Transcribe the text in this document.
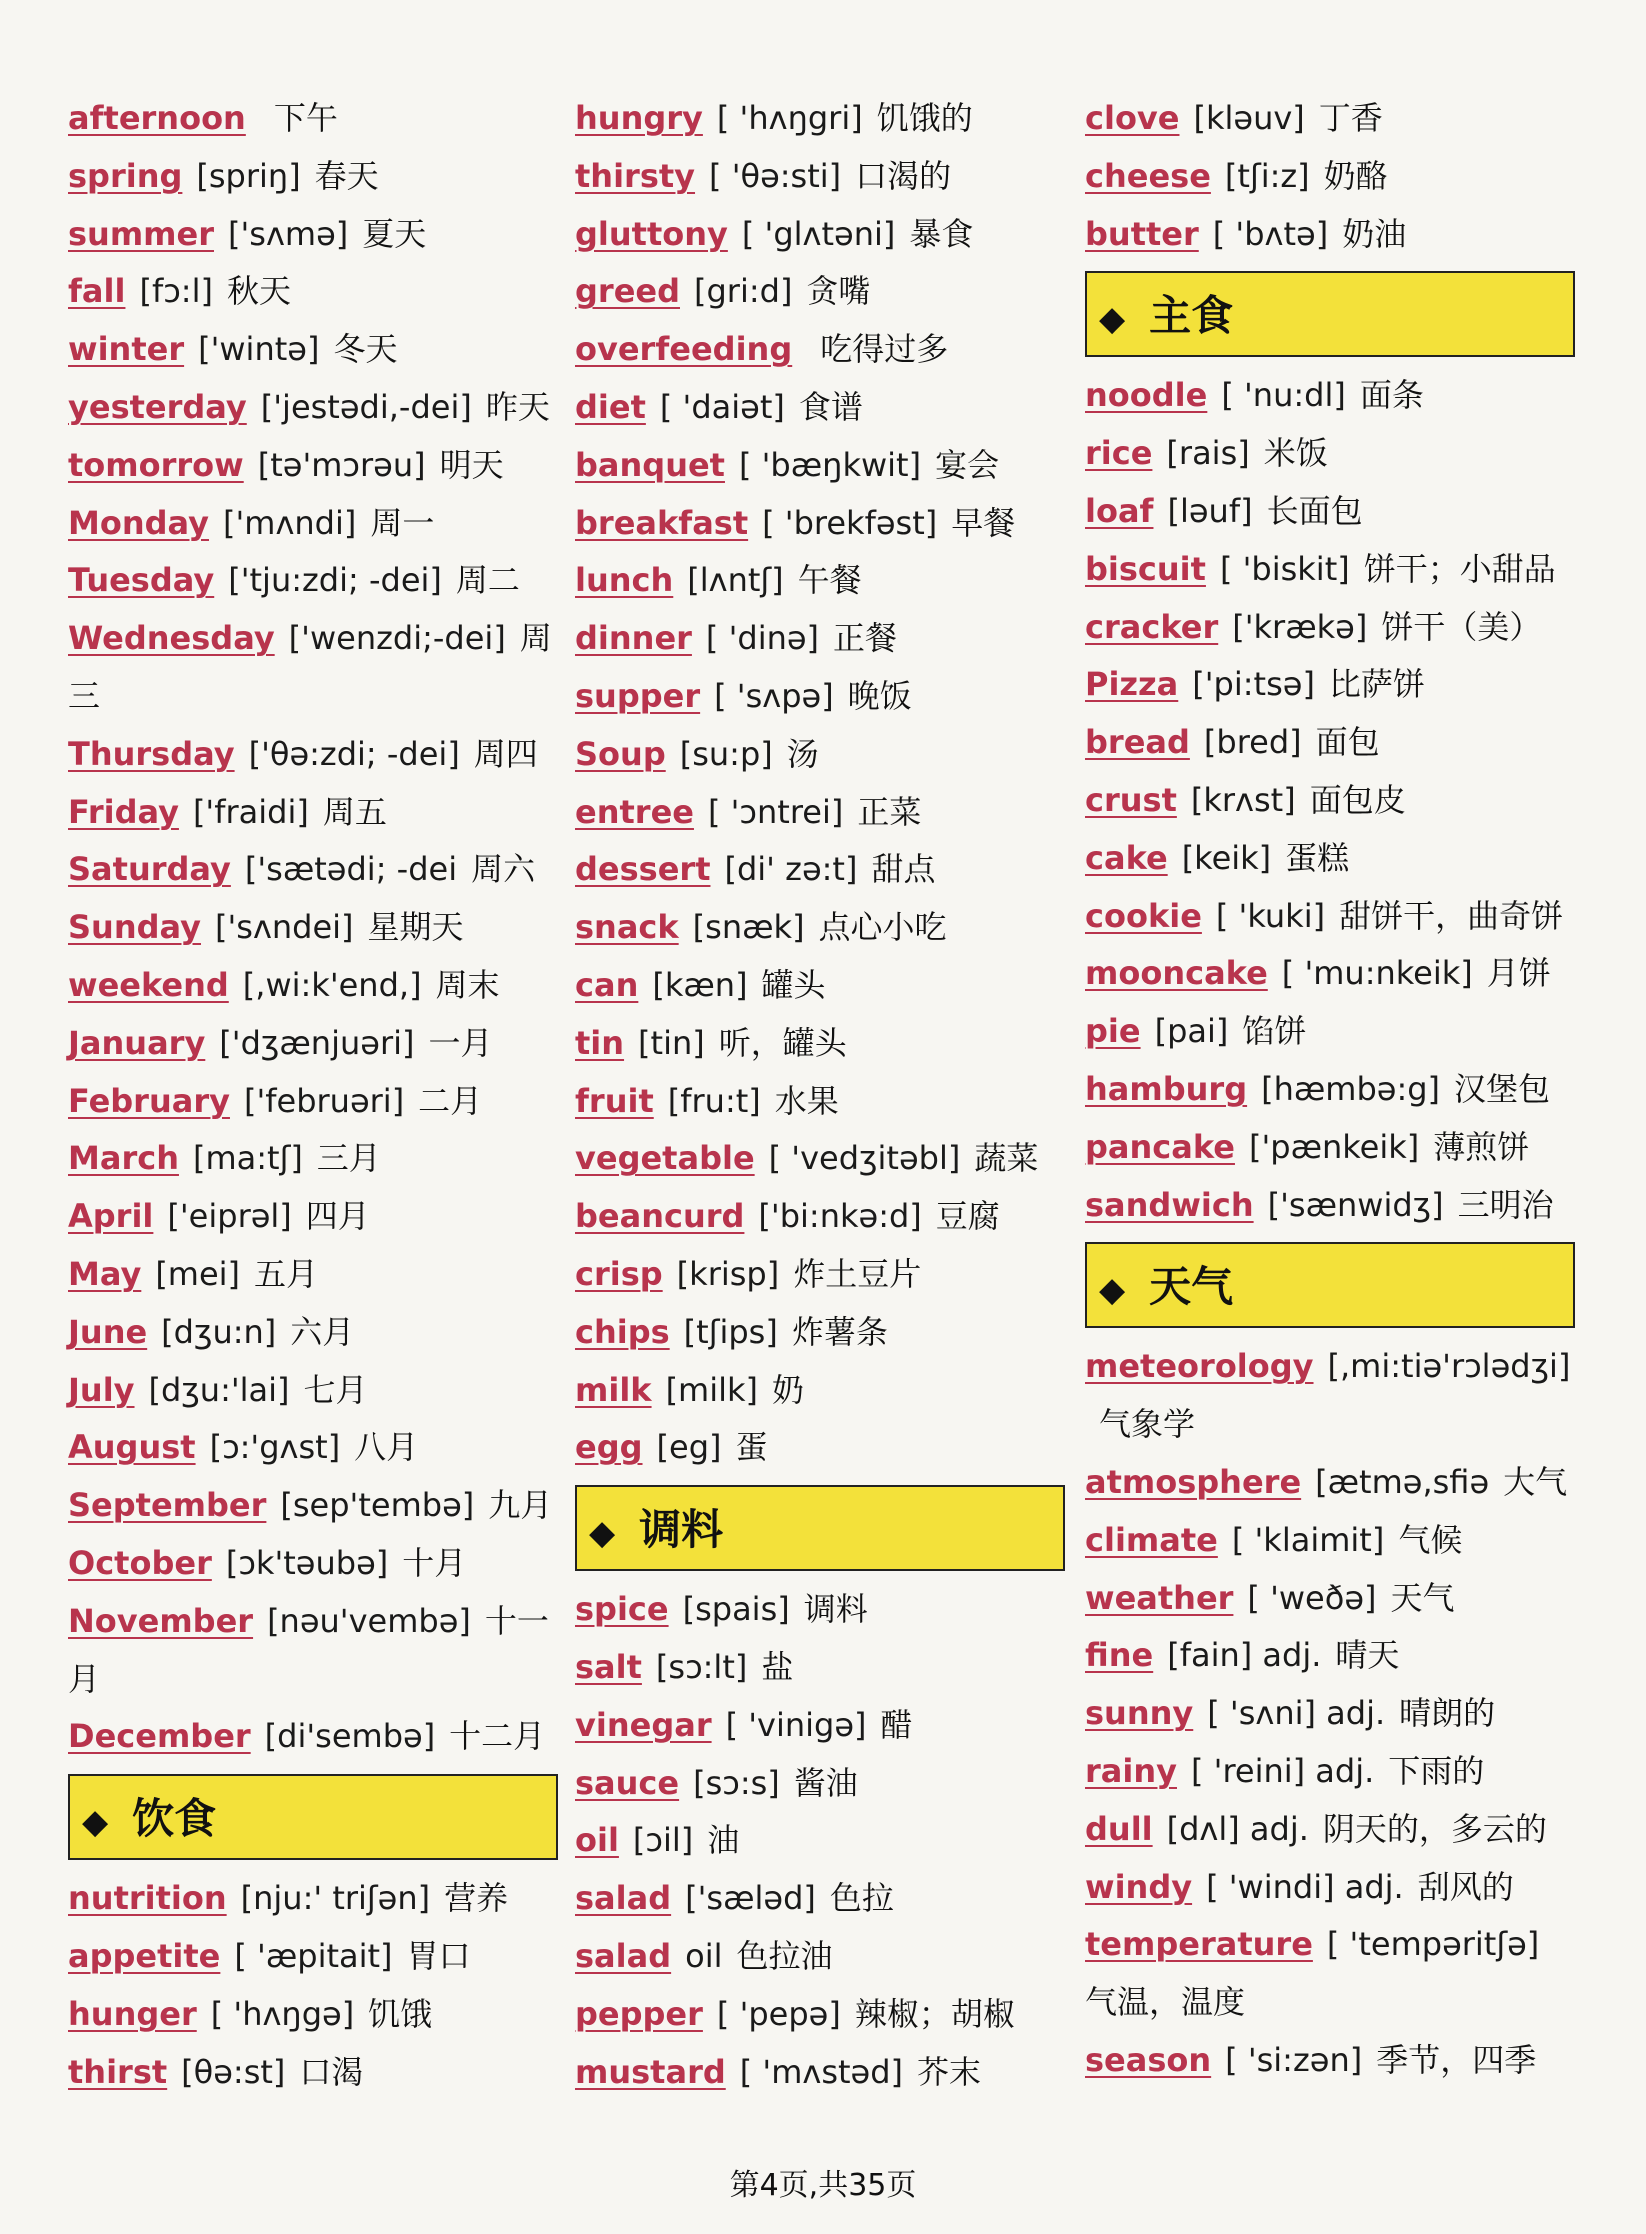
afternoon 下午
spring [spriŋ] 春天
summer ['sʌmə] 夏天
fall [fɔ:l] 秋天
winter ['wintə] 冬天
yesterday ['jestədi,-dei] 昨天
tomorrow [tə'mɔrəu] 明天
Monday ['mʌndi] 周一
Tuesday ['tju:zdi; -dei] 周二
Wednesday ['wenzdi;-dei] 周三
Thursday ['θə:zdi; -dei] 周四
Friday ['fraidi] 周五
Saturday ['sætədi; -dei 周六
Sunday ['sʌndei] 星期天
weekend [,wi:k'end,] 周末
January ['dʒænjuəri] 一月
February ['februəri] 二月
March [ma:tʃ] 三月
April ['eiprəl] 四月
May [mei] 五月
June [dʒu:n] 六月
July [dʒu:'lai] 七月
August [ɔ:'gʌst] 八月
September [sep'tembə] 九月
October [ɔk'təubə] 十月
November [nəu'vembə] 十一月
December [di'sembə] 十二月
◆ 饮食
nutrition [nju:' triʃən] 营养
appetite [ 'æpitait] 胃口
hunger [ 'hʌŋgə] 饥饿
thirst [θə:st] 口渴
hungry [ 'hʌŋgri] 饥饿的
thirsty [ 'θə:sti] 口渴的
gluttony [ 'glʌtəni] 暴食
greed [gri:d] 贪嘴
overfeeding 吃得过多
diet [ 'daiət] 食谱
banquet [ 'bæŋkwit] 宴会
breakfast [ 'brekfəst] 早餐
lunch [lʌntʃ] 午餐
dinner [ 'dinə] 正餐
supper [ 'sʌpə] 晚饭
Soup [su:p] 汤
entree [ 'ɔntrei] 正菜
dessert [di' zə:t] 甜点
snack [snæk] 点心小吃
can [kæn] 罐头
tin [tin] 听，罐头
fruit [fru:t] 水果
vegetable [ 'vedʒitəbl] 蔬菜
beancurd ['bi:nkə:d] 豆腐
crisp [krisp] 炸土豆片
chips [tʃips] 炸薯条
milk [milk] 奶
egg [eg] 蛋
◆ 调料
spice [spais] 调料
salt [sɔ:lt] 盐
vinegar [ 'vinigə] 醋
sauce [sɔ:s] 酱油
oil [ɔil] 油
salad ['sæləd] 色拉
salad oil 色拉油
pepper [ 'pepə] 辣椒；胡椒
mustard [ 'mʌstəd] 芥末
clove [kləuv] 丁香
cheese [tʃi:z] 奶酪
butter [ 'bʌtə] 奶油
◆ 主食
noodle [ 'nu:dl] 面条
rice [rais] 米饭
loaf [ləuf] 长面包
biscuit [ 'biskit] 饼干；小甜品
cracker ['krækə] 饼干（美）
Pizza ['pi:tsə] 比萨饼
bread [bred] 面包
crust [krʌst] 面包皮
cake [keik] 蛋糕
cookie [ 'kuki] 甜饼干，曲奇饼
mooncake [ 'mu:nkeik] 月饼
pie [pai] 馅饼
hamburg [hæmbə:g] 汉堡包
pancake ['pænkeik] 薄煎饼
sandwich ['sænwidʒ] 三明治
◆ 天气
meteorology [,mi:tiə'rɔlədʒi]气象学
atmosphere [ætmə,sfiə 大气
climate [ 'klaimit] 气候
weather [ 'weðə] 天气
fine [fain] adj. 晴天
sunny [ 'sʌni] adj. 晴朗的
rainy [ 'reini] adj. 下雨的
dull [dʌl] adj. 阴天的，多云的
windy [ 'windi] adj. 刮风的
temperature [ 'tempəritʃə]气温，温度
season [ 'si:zən] 季节，四季
第4页,共35页
